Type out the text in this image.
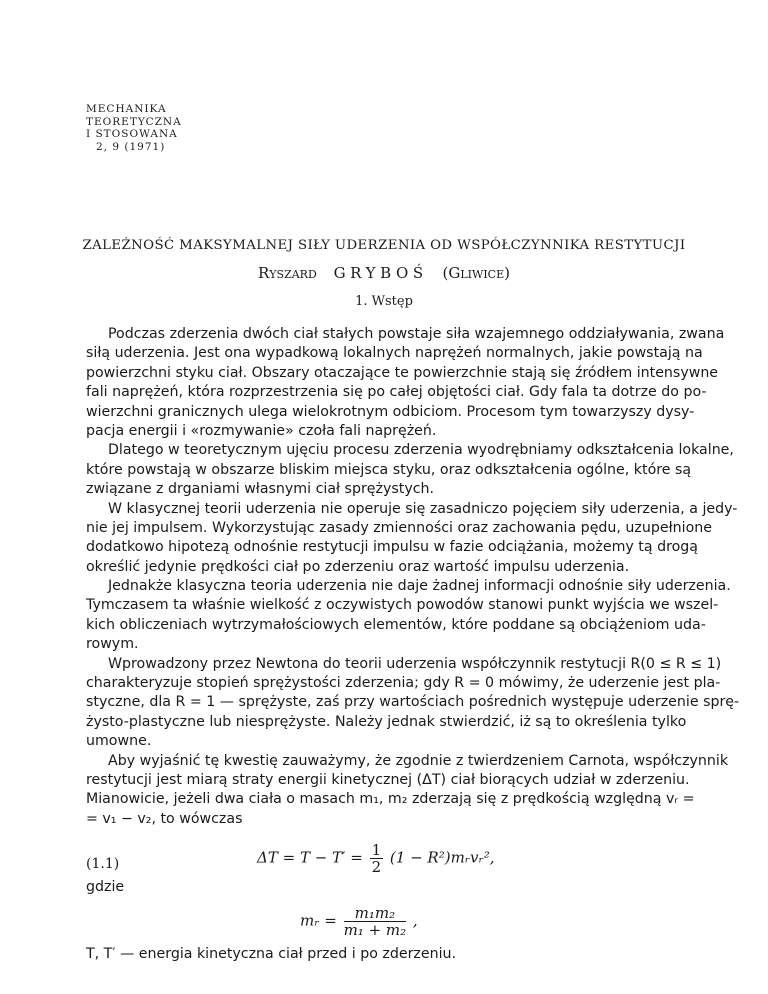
MECHANIKA
TEORETYCZNA
I STOSOWANA
2, 9 (1971)
ZALEŻNOŚĆ MAKSYMALNEJ SIŁY UDERZENIA OD WSPÓŁCZYNNIKA RESTYTUCJI
Ryszard GRYBOŚ (Gliwice)
1. Wstęp
Podczas zderzenia dwóch ciał stałych powstaje siła wzajemnego oddziaływania, zwana
siłą uderzenia. Jest ona wypadkową lokalnych naprężeń normalnych, jakie powstają na
powierzchni styku ciał. Obszary otaczające te powierzchnie stają się źródłem intensywne
fali naprężeń, która rozprzestrzenia się po całej objętości ciał. Gdy fala ta dotrze do po-
wierzchni granicznych ulega wielokrotnym odbiciom. Procesom tym towarzyszy dysy-
pacja energii i «rozmywanie» czoła fali naprężeń.
Dlatego w teoretycznym ujęciu procesu zderzenia wyodrębniamy odkształcenia lokalne,
które powstają w obszarze bliskim miejsca styku, oraz odkształcenia ogólne, które są
związane z drganiami własnymi ciał sprężystych.
W klasycznej teorii uderzenia nie operuje się zasadniczo pojęciem siły uderzenia, a jedy-
nie jej impulsem. Wykorzystując zasady zmienności oraz zachowania pędu, uzupełnione
dodatkowo hipotezą odnośnie restytucji impulsu w fazie odciążania, możemy tą drogą
określić jedynie prędkości ciał po zderzeniu oraz wartość impulsu uderzenia.
Jednakże klasyczna teoria uderzenia nie daje żadnej informacji odnośnie siły uderzenia.
Tymczasem ta właśnie wielkość z oczywistych powodów stanowi punkt wyjścia we wszel-
kich obliczeniach wytrzymałościowych elementów, które poddane są obciążeniom uda-
rowym.
Wprowadzony przez Newtona do teorii uderzenia współczynnik restytucji R(0 ≤ R ≤ 1)
charakteryzuje stopień sprężystości zderzenia; gdy R = 0 mówimy, że uderzenie jest pla-
styczne, dla R = 1 — sprężyste, zaś przy wartościach pośrednich występuje uderzenie sprę-
żysto-plastyczne lub niesprężyste. Należy jednak stwierdzić, iż są to określenia tylko
umowne.
Aby wyjaśnić tę kwestię zauważymy, że zgodnie z twierdzeniem Carnota, współczynnik
restytucji jest miarą straty energii kinetycznej (ΔT) ciał biorących udział w zderzeniu.
Mianowicie, jeżeli dwa ciała o masach m₁, m₂ zderzają się z prędkością względną vᵣ =
= v₁ − v₂, to wówczas
(1.1)	$\Delta T = T - T' = \frac{1}{2} (1$ − R²)mᵣvᵣ²,
gdzie
mᵣ = $\frac{\text{m₁m₂}}{\text{m₁ + m₂}}$ ,
T, T′ — energia kinetyczna ciał przed i po zderzeniu.
